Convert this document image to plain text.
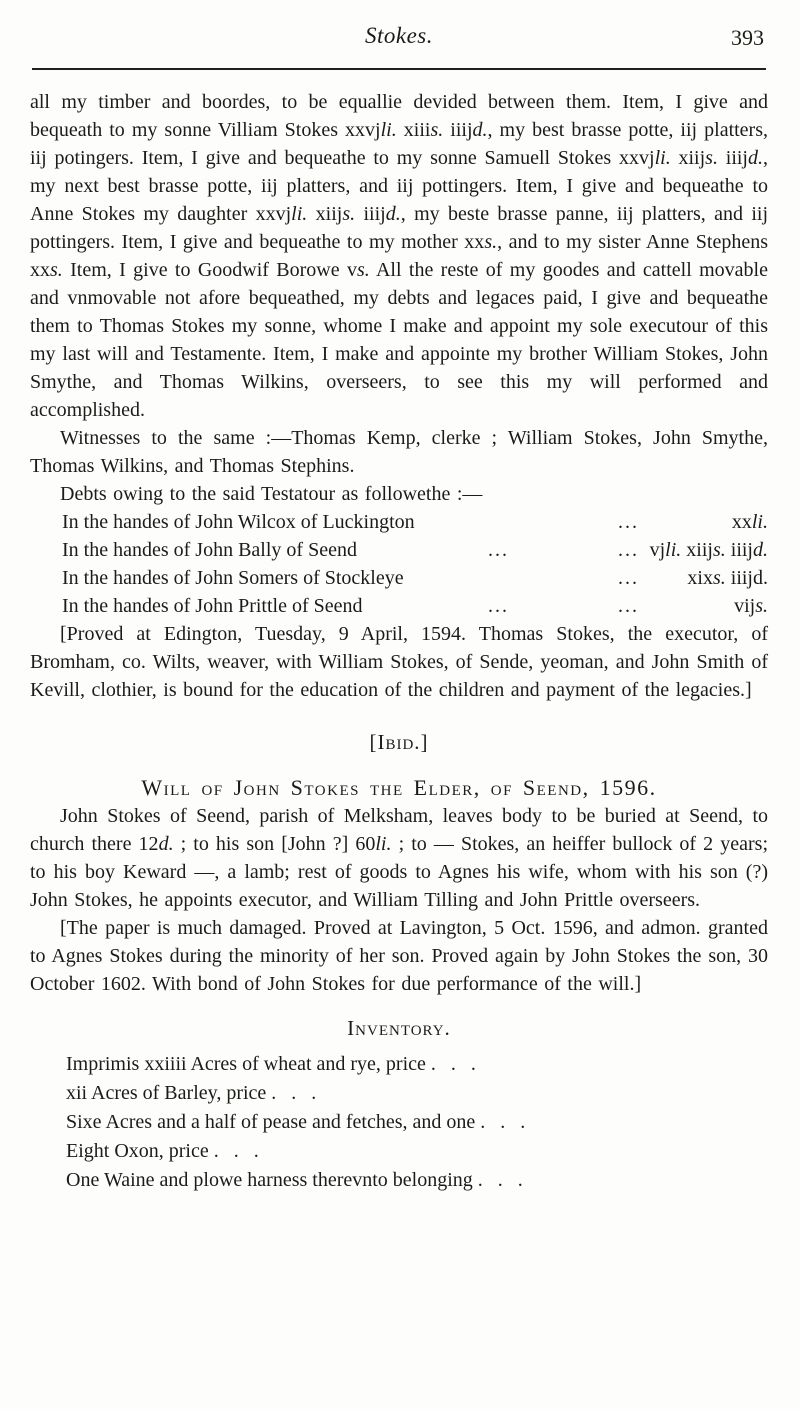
Stokes.	393

all my timber and boordes, to be equallie devided between them. Item, I give and bequeath to my sonne Villiam Stokes xxvjli. xiiis. iiijd., my best brasse potte, iij platters, iij potingers. Item, I give and bequeathe to my sonne Samuell Stokes xxvjli. xiijs. iiijd., my next best brasse potte, iij platters, and iij pottingers. Item, I give and bequeathe to Anne Stokes my daughter xxvjli. xiijs. iiijd., my beste brasse panne, iij platters, and iij pottingers. Item, I give and bequeathe to my mother xxs., and to my sister Anne Stephens xxs. Item, I give to Goodwif Borowe vs. All the reste of my goodes and cattell movable and vnmovable not afore bequeathed, my debts and legaces paid, I give and bequeathe them to Thomas Stokes my sonne, whome I make and appoint my sole executour of this my last will and Testamente. Item, I make and appointe my brother William Stokes, John Smythe, and Thomas Wilkins, overseers, to see this my will performed and accomplished.

Witnesses to the same :—Thomas Kemp, clerke ; William Stokes, John Smythe, Thomas Wilkins, and Thomas Stephins.

Debts owing to the said Testatour as followethe :—

In the handes of John Wilcox of Luckington	...	xxli.
In the handes of John Bally of Seend	...	... vjli. xiijs. iiijd.
In the handes of John Somers of Stockleye	... xixs. iiijd.
In the handes of John Prittle of Seend	...	...	vijs.

[Proved at Edington, Tuesday, 9 April, 1594. Thomas Stokes, the executor, of Bromham, co. Wilts, weaver, with William Stokes, of Sende, yeoman, and John Smith of Kevill, clothier, is bound for the education of the children and payment of the legacies.]

[Ibid.]
Will of John Stokes the Elder, of Seend, 1596.

John Stokes of Seend, parish of Melksham, leaves body to be buried at Seend, to church there 12d. ; to his son [John ?] 60li. ; to — Stokes, an heiffer bullock of 2 years; to his boy Keward —, a lamb; rest of goods to Agnes his wife, whom with his son (?) John Stokes, he appoints executor, and William Tilling and John Prittle overseers.

[The paper is much damaged. Proved at Lavington, 5 Oct. 1596, and admon. granted to Agnes Stokes during the minority of her son. Proved again by John Stokes the son, 30 October 1602. With bond of John Stokes for due performance of the will.]

Inventory.

Imprimis xxiiii Acres of wheat and rye, price .   .   .

xii Acres of Barley, price .   .   .

Sixe Acres and a half of pease and fetches, and one .   .   .

Eight Oxon, price .   .   .

One Waine and plowe harness therevnto belonging .   .   .
